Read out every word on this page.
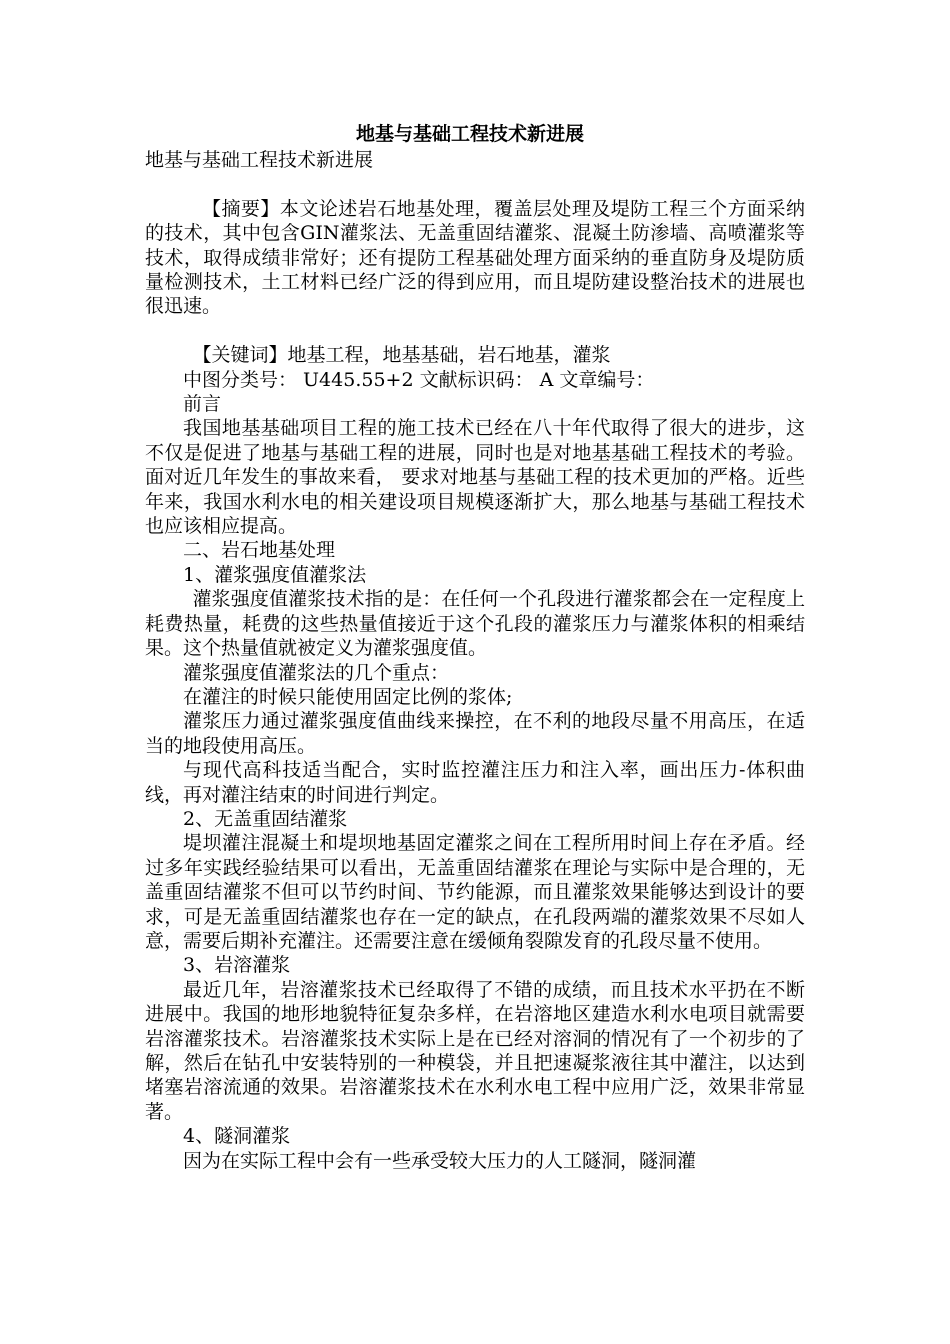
地基与基础工程技术新进展

地基与基础工程技术新进展

【摘要】本文论述岩石地基处理，覆盖层处理及堤防工程三个方面采纳的技术，其中包含GIN灌浆法、无盖重固结灌浆、混凝土防渗墙、高喷灌浆等技术，取得成绩非常好；还有提防工程基础处理方面采纳的垂直防身及堤防质量检测技术，土工材料已经广泛的得到应用，而且堤防建设整治技术的进展也很迅速。

【关键词】地基工程，地基基础，岩石地基，灌浆

中图分类号： U445.55+2 文献标识码： A 文章编号：

前言

我国地基基础项目工程的施工技术已经在八十年代取得了很大的进步，这不仅是促进了地基与基础工程的进展，同时也是对地基基础工程技术的考验。面对近几年发生的事故来看， 要求对地基与基础工程的技术更加的严格。近些年来，我国水利水电的相关建设项目规模逐渐扩大，那么地基与基础工程技术也应该相应提高。

二、岩石地基处理

1、灌浆强度值灌浆法

灌浆强度值灌浆技术指的是：在任何一个孔段进行灌浆都会在一定程度上耗费热量，耗费的这些热量值接近于这个孔段的灌浆压力与灌浆体积的相乘结果。这个热量值就被定义为灌浆强度值。

灌浆强度值灌浆法的几个重点：

在灌注的时候只能使用固定比例的浆体;

灌浆压力通过灌浆强度值曲线来操控，在不利的地段尽量不用高压，在适当的地段使用高压。

与现代高科技适当配合，实时监控灌注压力和注入率，画出压力-体积曲线，再对灌注结束的时间进行判定。

2、无盖重固结灌浆

堤坝灌注混凝土和堤坝地基固定灌浆之间在工程所用时间上存在矛盾。经过多年实践经验结果可以看出，无盖重固结灌浆在理论与实际中是合理的，无盖重固结灌浆不但可以节约时间、节约能源，而且灌浆效果能够达到设计的要求，可是无盖重固结灌浆也存在一定的缺点，在孔段两端的灌浆效果不尽如人意，需要后期补充灌注。还需要注意在缓倾角裂隙发育的孔段尽量不使用。

3、岩溶灌浆

最近几年，岩溶灌浆技术已经取得了不错的成绩，而且技术水平扔在不断进展中。我国的地形地貌特征复杂多样，在岩溶地区建造水利水电项目就需要岩溶灌浆技术。岩溶灌浆技术实际上是在已经对溶洞的情况有了一个初步的了解，然后在钻孔中安装特别的一种模袋，并且把速凝浆液往其中灌注，以达到堵塞岩溶流通的效果。岩溶灌浆技术在水利水电工程中应用广泛，效果非常显著。

4、隧洞灌浆

因为在实际工程中会有一些承受较大压力的人工隧洞，隧洞灌
